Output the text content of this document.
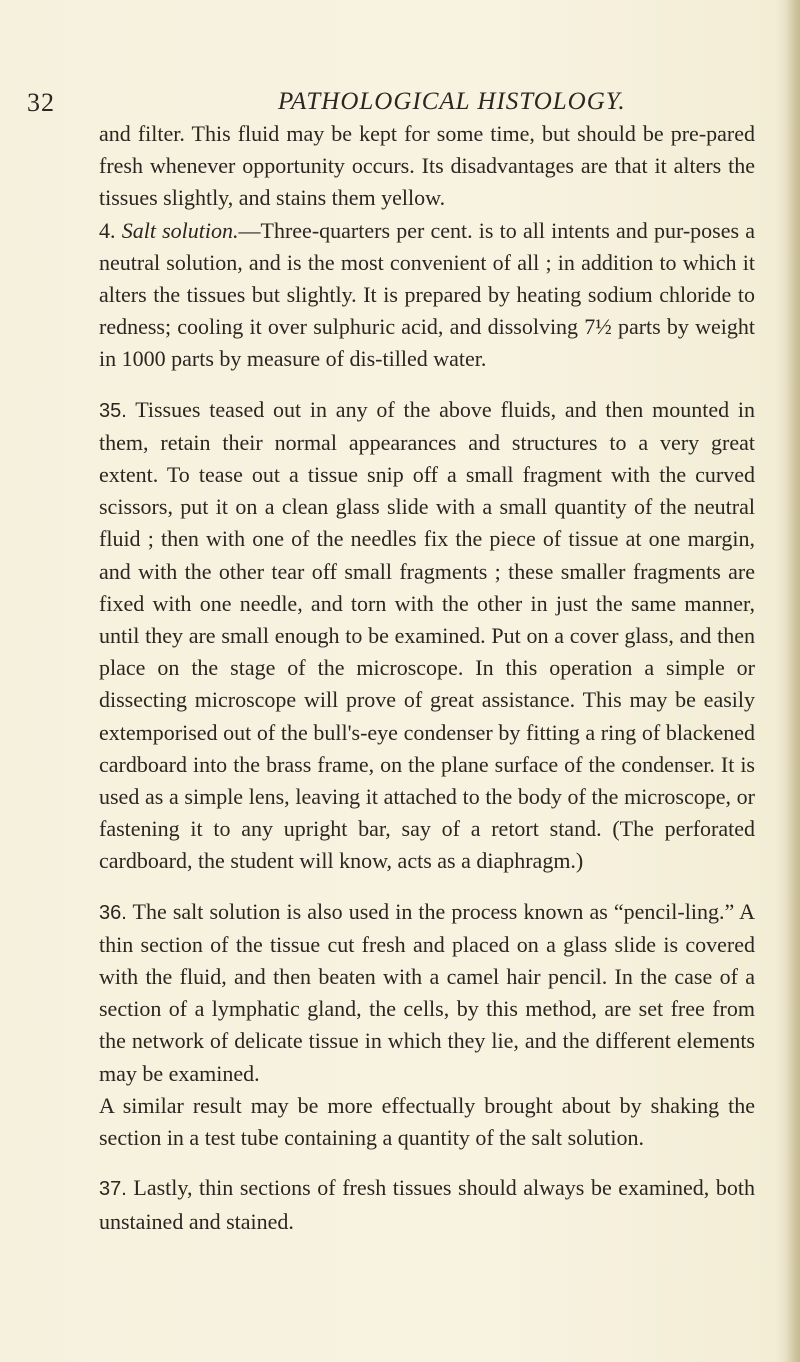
32	PATHOLOGICAL HISTOLOGY.

and filter. This fluid may be kept for some time, but should be pre-pared fresh whenever opportunity occurs. Its disadvantages are that it alters the tissues slightly, and stains them yellow.

4. Salt solution.—Three-quarters per cent. is to all intents and pur-poses a neutral solution, and is the most convenient of all ; in addition to which it alters the tissues but slightly. It is prepared by heating sodium chloride to redness; cooling it over sulphuric acid, and dissolving 7½ parts by weight in 1000 parts by measure of dis-tilled water.

35. Tissues teased out in any of the above fluids, and then mounted in them, retain their normal appearances and structures to a very great extent. To tease out a tissue snip off a small fragment with the curved scissors, put it on a clean glass slide with a small quantity of the neutral fluid ; then with one of the needles fix the piece of tissue at one margin, and with the other tear off small fragments ; these smaller fragments are fixed with one needle, and torn with the other in just the same manner, until they are small enough to be examined. Put on a cover glass, and then place on the stage of the microscope. In this operation a simple or dissecting microscope will prove of great assistance. This may be easily extemporised out of the bull's-eye condenser by fitting a ring of blackened cardboard into the brass frame, on the plane surface of the condenser. It is used as a simple lens, leaving it attached to the body of the microscope, or fastening it to any upright bar, say of a retort stand. (The perforated cardboard, the student will know, acts as a diaphragm.)

36. The salt solution is also used in the process known as “pencil-ling.” A thin section of the tissue cut fresh and placed on a glass slide is covered with the fluid, and then beaten with a camel hair pencil. In the case of a section of a lymphatic gland, the cells, by this method, are set free from the network of delicate tissue in which they lie, and the different elements may be examined.

A similar result may be more effectually brought about by shaking the section in a test tube containing a quantity of the salt solution.

37. Lastly, thin sections of fresh tissues should always be examined, both unstained and stained.
